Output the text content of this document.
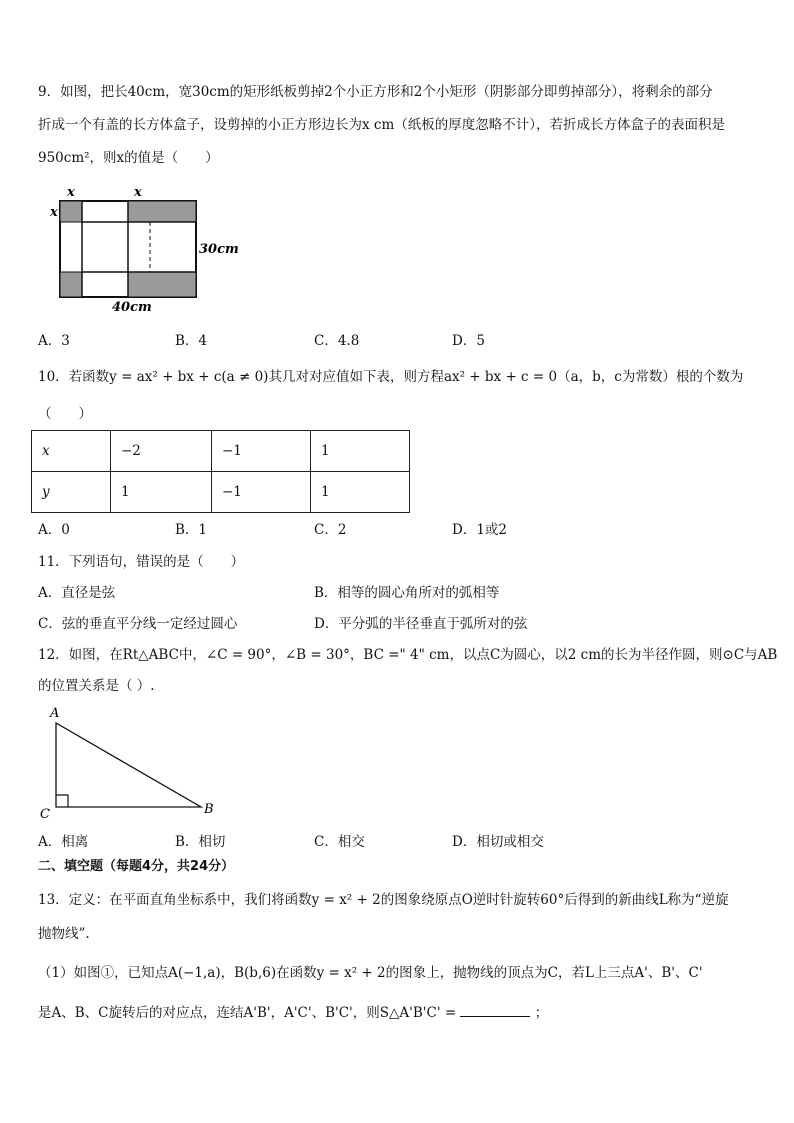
9．如图，把长40cm，宽30cm的矩形纸板剪掉2个小正方形和2个小矩形（阴影部分即剪掉部分），将剩余的部分
折成一个有盖的长方体盒子，设剪掉的小正方形边长为x cm（纸板的厚度忽略不计），若折成长方体盒子的表面积是
950cm²，则x的值是（　　）
x	x
x
30cm
40cm
A．3	B．4	C．4.8	D．5
10．若函数y = ax² + bx + c(a ≠ 0)其几对对应值如下表，则方程ax² + bx + c = 0（a，b，c为常数）根的个数为
（　　）
x	−2	−1	1
y	1	−1	1
A．0	B．1	C．2	D．1或2
11．下列语句，错误的是（　　）
A．直径是弦	B．相等的圆心角所对的弧相等
C．弦的垂直平分线一定经过圆心	D．平分弧的半径垂直于弧所对的弦
12．如图，在Rt△ABC中，∠C = 90°，∠B = 30°，BC =" 4" cm，以点C为圆心，以2 cm的长为半径作圆，则⊙C与AB
的位置关系是（ ）.
A
C	B
A．相离	B．相切	C．相交	D．相切或相交
二、填空题（每题4分，共24分）
13．定义：在平面直角坐标系中，我们将函数y = x² + 2的图象绕原点O逆时针旋转60°后得到的新曲线L称为“逆旋
抛物线”.
（1）如图①，已知点A(−1,a)，B(b,6)在函数y = x² + 2的图象上，抛物线的顶点为C，若L上三点A'、B'、C'
是A、B、C旋转后的对应点，连结A'B'，A'C'、B'C'，则S△A'B'C' =	；
